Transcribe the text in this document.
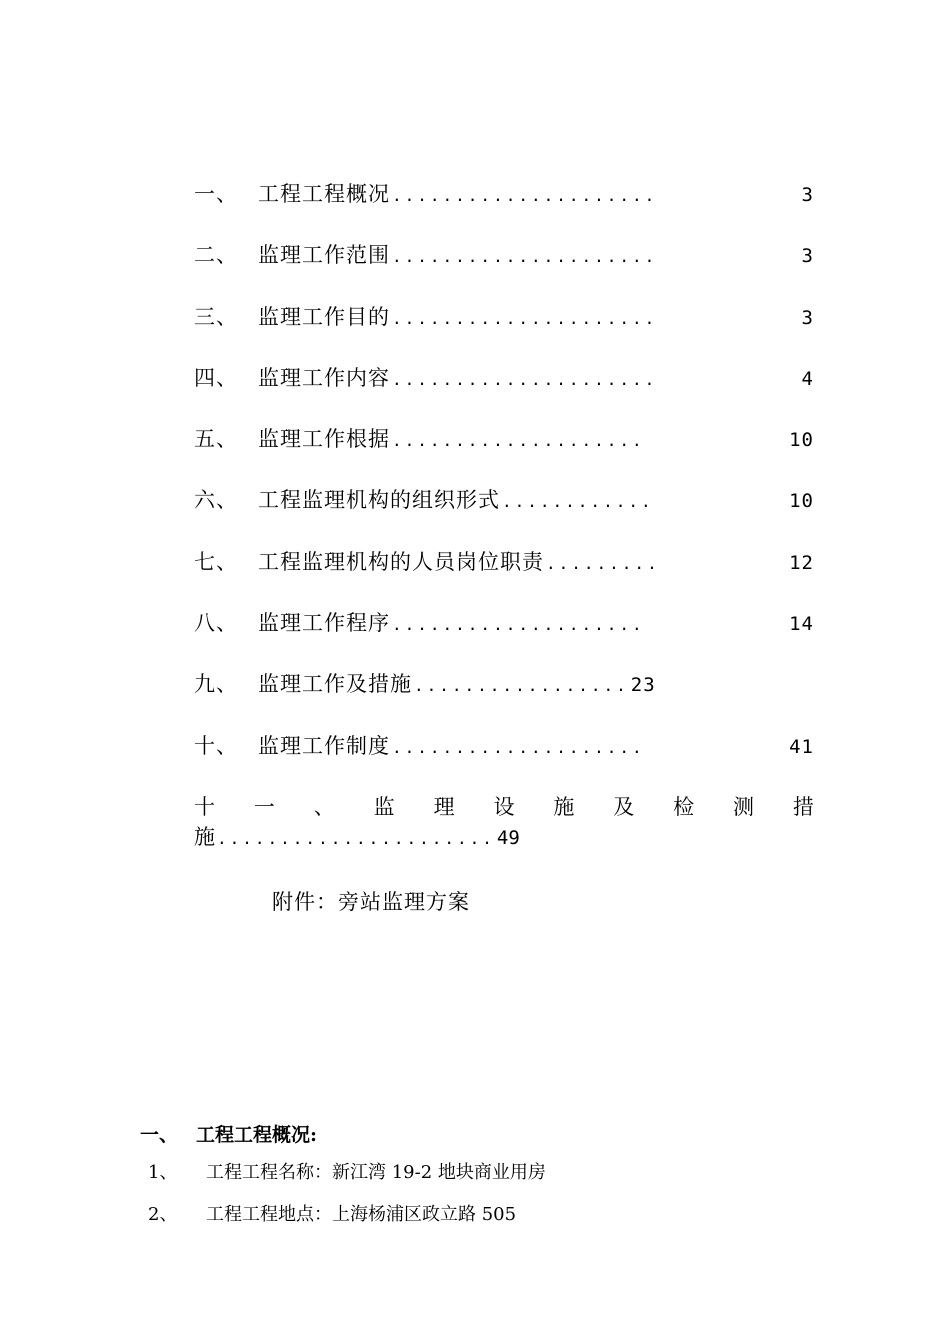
一、 工程工程概况 .....................	3
二、 监理工作范围 .....................	3
三、 监理工作目的 .....................	3
四、 监理工作内容 .....................	4
五、 监理工作根据 ....................	10
六、 工程监理机构的组织形式 ............	10
七、 工程监理机构的人员岗位职责 .........	12
八、 监理工作程序 ....................	14
九、 监理工作及措施 ................. 23
十、 监理工作制度 ....................	41
十 一 、 监 理 设 施 及 检 测 措
施 ...................... 49
附件：旁站监理方案
一、 工程工程概况:
1、 工程工程名称：新江湾 19-2 地块商业用房
2、 工程工程地点：上海杨浦区政立路 505
